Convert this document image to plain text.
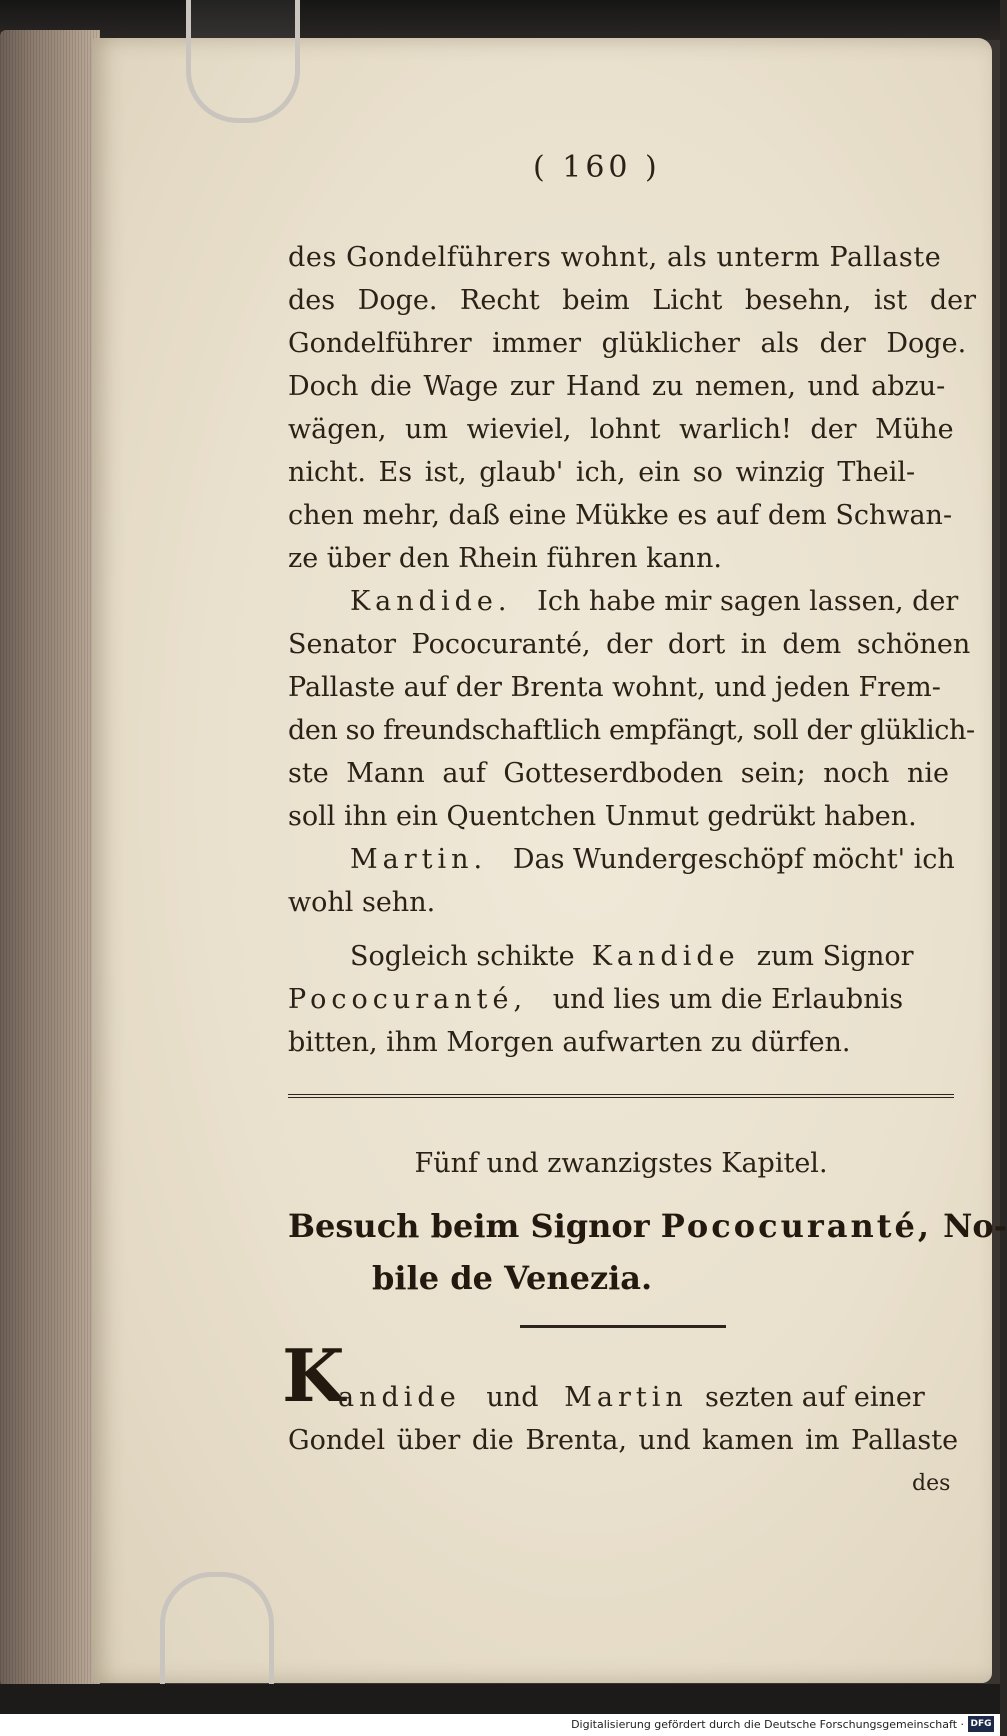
( 160 )
des Gondelführers wohnt, als unterm Pallaste
des Doge. Recht beim Licht besehn, ist der
Gondelführer immer glüklicher als der Doge.
Doch die Wage zur Hand zu nemen, und abzu-
wägen, um wieviel, lohnt warlich! der Mühe
nicht. Es ist, glaub' ich, ein so winzig Theil-
chen mehr, daß eine Mükke es auf dem Schwan-
ze über den Rhein führen kann.
Kandide. Ich habe mir sagen lassen, der
Senator Pococuranté, der dort in dem schönen
Pallaste auf der Brenta wohnt, und jeden Frem-
den so freundschaftlich empfängt, soll der glüklich-
ste Mann auf Gotteserdboden sein; noch nie
soll ihn ein Quentchen Unmut gedrükt haben.
Martin. Das Wundergeschöpf möcht' ich
wohl sehn.
Sogleich schikte Kandide zum Signor
Pococuranté, und lies um die Erlaubnis
bitten, ihm Morgen aufwarten zu dürfen.
Fünf und zwanzigstes Kapitel.
Besuch beim Signor Pococuranté, No-
bile de Venezia.
K
andide und Martin sezten auf einer
Gondel über die Brenta, und kamen im Pallaste
des
Digitalisierung gefördert durch die Deutsche Forschungsgemeinschaft · DFG
